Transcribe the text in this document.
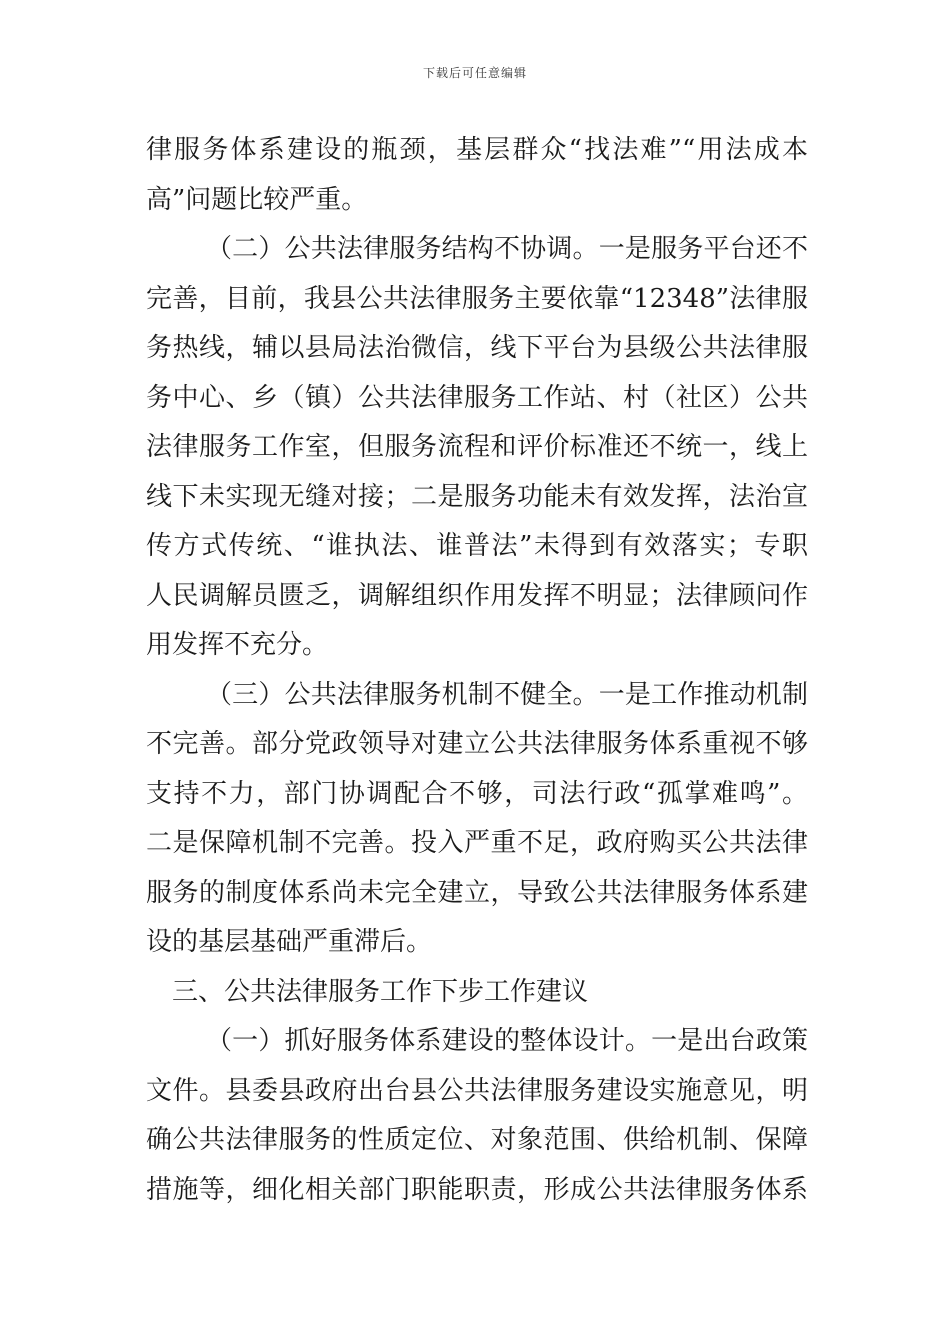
下载后可任意编辑
律服务体系建设的瓶颈，基层群众“找法难”“用法成本
高”问题比较严重。
（二）公共法律服务结构不协调。一是服务平台还不
完善，目前，我县公共法律服务主要依靠“12348”法律服
务热线，辅以县局法治微信，线下平台为县级公共法律服
务中心、乡（镇）公共法律服务工作站、村（社区）公共
法律服务工作室，但服务流程和评价标准还不统一，线上
线下未实现无缝对接；二是服务功能未有效发挥，法治宣
传方式传统、“谁执法、谁普法”未得到有效落实；专职
人民调解员匮乏，调解组织作用发挥不明显；法律顾问作
用发挥不充分。
（三）公共法律服务机制不健全。一是工作推动机制
不完善。部分党政领导对建立公共法律服务体系重视不够
支持不力，部门协调配合不够，司法行政“孤掌难鸣”。
二是保障机制不完善。投入严重不足，政府购买公共法律
服务的制度体系尚未完全建立，导致公共法律服务体系建
设的基层基础严重滞后。
三、公共法律服务工作下步工作建议
（一）抓好服务体系建设的整体设计。一是出台政策
文件。县委县政府出台县公共法律服务建设实施意见，明
确公共法律服务的性质定位、对象范围、供给机制、保障
措施等，细化相关部门职能职责，形成公共法律服务体系
